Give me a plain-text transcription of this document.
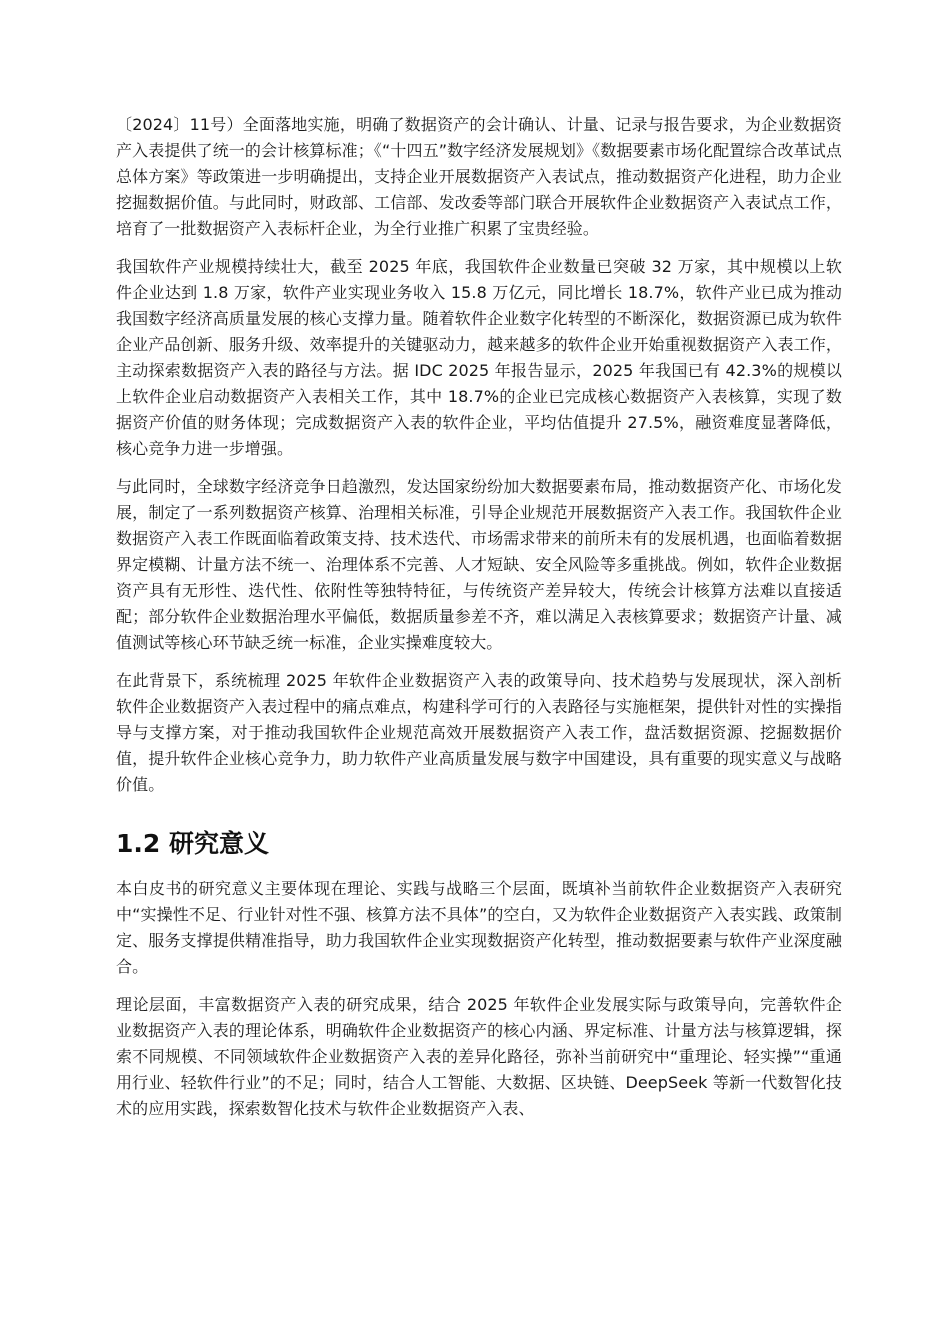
〔2024〕11号）全面落地实施，明确了数据资产的会计确认、计量、记录与报告要求，为企业数据资产入表提供了统一的会计核算标准；《“十四五”数字经济发展规划》《数据要素市场化配置综合改革试点总体方案》等政策进一步明确提出，支持企业开展数据资产入表试点，推动数据资产化进程，助力企业挖掘数据价值。与此同时，财政部、工信部、发改委等部门联合开展软件企业数据资产入表试点工作，培育了一批数据资产入表标杆企业，为全行业推广积累了宝贵经验。

我国软件产业规模持续壮大，截至 2025 年底，我国软件企业数量已突破 32 万家，其中规模以上软件企业达到 1.8 万家，软件产业实现业务收入 15.8 万亿元，同比增长 18.7%，软件产业已成为推动我国数字经济高质量发展的核心支撑力量。随着软件企业数字化转型的不断深化，数据资源已成为软件企业产品创新、服务升级、效率提升的关键驱动力，越来越多的软件企业开始重视数据资产入表工作，主动探索数据资产入表的路径与方法。据 IDC 2025 年报告显示，2025 年我国已有 42.3%的规模以上软件企业启动数据资产入表相关工作，其中 18.7%的企业已完成核心数据资产入表核算，实现了数据资产价值的财务体现；完成数据资产入表的软件企业，平均估值提升 27.5%，融资难度显著降低，核心竞争力进一步增强。

与此同时，全球数字经济竞争日趋激烈，发达国家纷纷加大数据要素布局，推动数据资产化、市场化发展，制定了一系列数据资产核算、治理相关标准，引导企业规范开展数据资产入表工作。我国软件企业数据资产入表工作既面临着政策支持、技术迭代、市场需求带来的前所未有的发展机遇，也面临着数据界定模糊、计量方法不统一、治理体系不完善、人才短缺、安全风险等多重挑战。例如，软件企业数据资产具有无形性、迭代性、依附性等独特特征，与传统资产差异较大，传统会计核算方法难以直接适配；部分软件企业数据治理水平偏低，数据质量参差不齐，难以满足入表核算要求；数据资产计量、减值测试等核心环节缺乏统一标准，企业实操难度较大。

在此背景下，系统梳理 2025 年软件企业数据资产入表的政策导向、技术趋势与发展现状，深入剖析软件企业数据资产入表过程中的痛点难点，构建科学可行的入表路径与实施框架，提供针对性的实操指导与支撑方案，对于推动我国软件企业规范高效开展数据资产入表工作，盘活数据资源、挖掘数据价值，提升软件企业核心竞争力，助力软件产业高质量发展与数字中国建设，具有重要的现实意义与战略价值。

1.2 研究意义

本白皮书的研究意义主要体现在理论、实践与战略三个层面，既填补当前软件企业数据资产入表研究中“实操性不足、行业针对性不强、核算方法不具体”的空白，又为软件企业数据资产入表实践、政策制定、服务支撑提供精准指导，助力我国软件企业实现数据资产化转型，推动数据要素与软件产业深度融合。

理论层面，丰富数据资产入表的研究成果，结合 2025 年软件企业发展实际与政策导向，完善软件企业数据资产入表的理论体系，明确软件企业数据资产的核心内涵、界定标准、计量方法与核算逻辑，探索不同规模、不同领域软件企业数据资产入表的差异化路径，弥补当前研究中“重理论、轻实操”“重通用行业、轻软件行业”的不足；同时，结合人工智能、大数据、区块链、DeepSeek 等新一代数智化技术的应用实践，探索数智化技术与软件企业数据资产入表、
